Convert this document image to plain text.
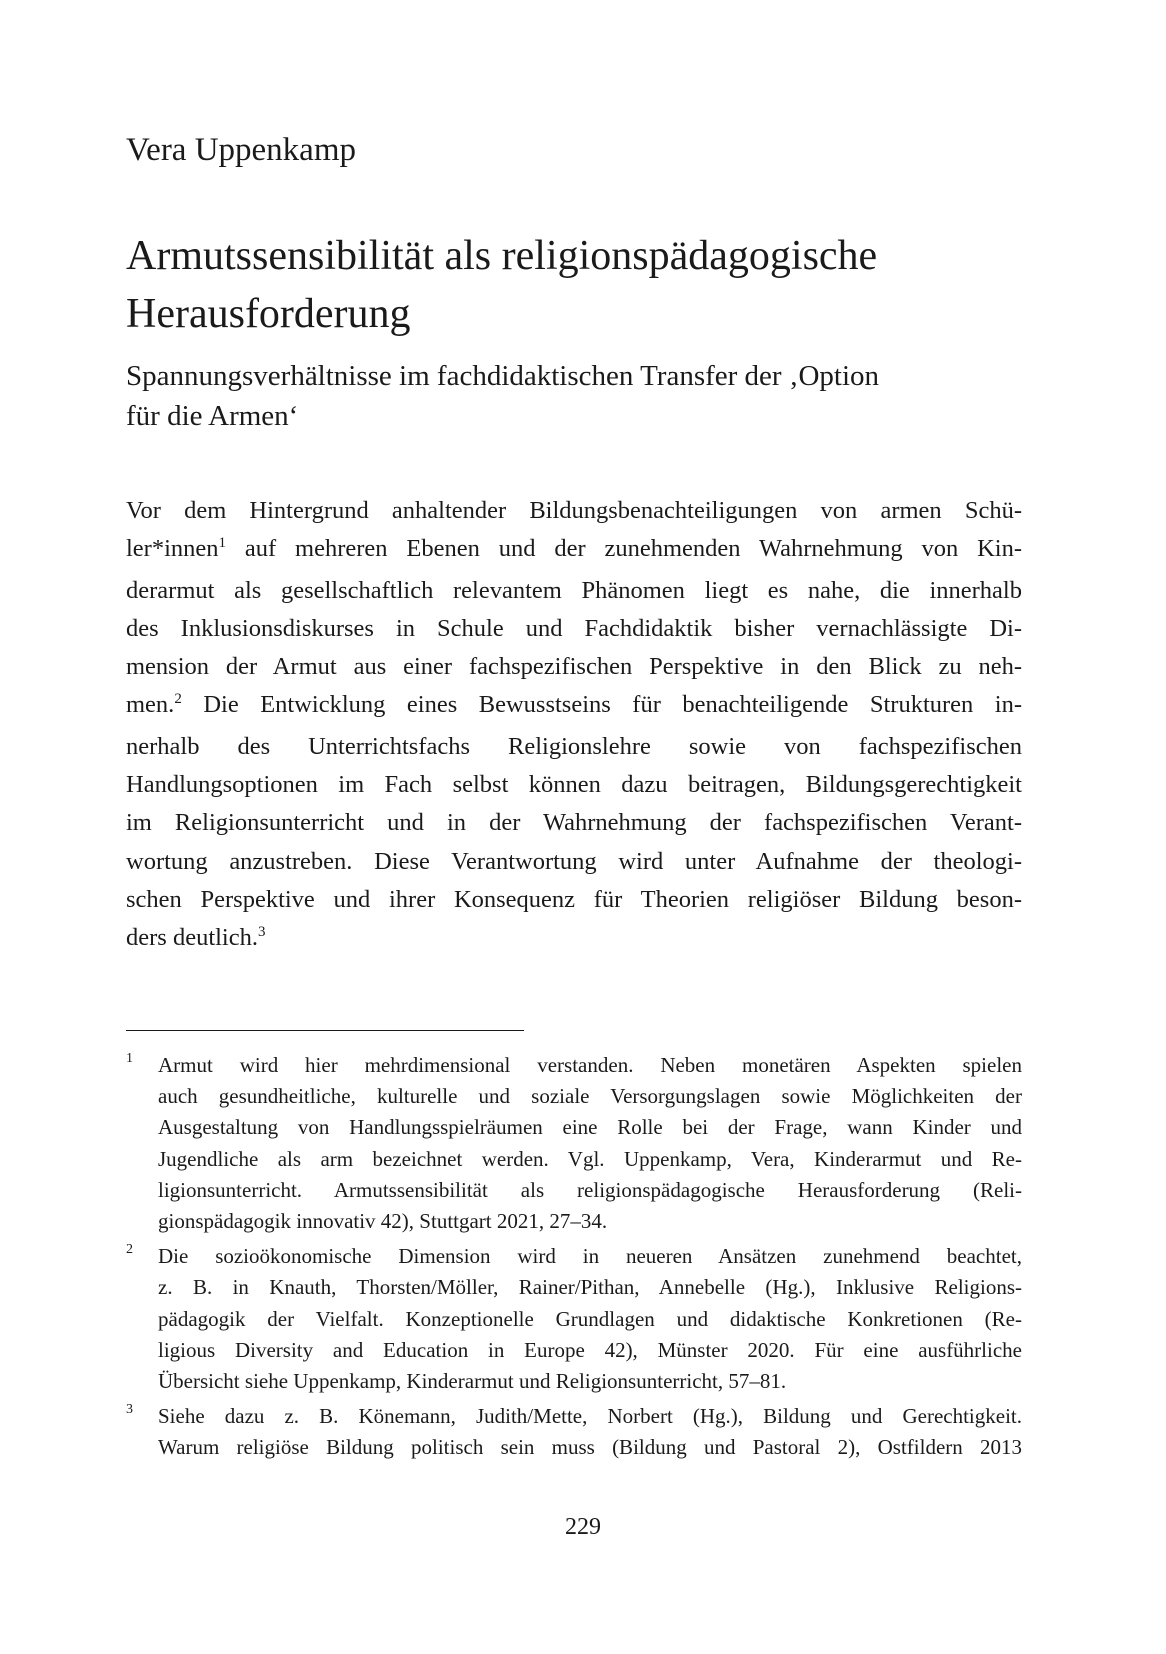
Vera Uppenkamp
Armutssensibilität als religionspädagogische
Herausforderung
Spannungsverhältnisse im fachdidaktischen Transfer der ‚Option
für die Armen‘
Vor dem Hintergrund anhaltender Bildungsbenachteiligungen von armen Schü-
ler*innen$^1$ auf mehreren Ebenen und der zunehmenden Wahrnehmung von Kin-
derarmut als gesellschaftlich relevantem Phänomen liegt es nahe, die innerhalb
des Inklusionsdiskurses in Schule und Fachdidaktik bisher vernachlässigte Di-
mension der Armut aus einer fachspezifischen Perspektive in den Blick zu neh-
men.$^2$ Die Entwicklung eines Bewusstseins für benachteiligende Strukturen in-
nerhalb des Unterrichtsfachs Religionslehre sowie von fachspezifischen
Handlungsoptionen im Fach selbst können dazu beitragen, Bildungsgerechtigkeit
im Religionsunterricht und in der Wahrnehmung der fachspezifischen Verant-
wortung anzustreben. Diese Verantwortung wird unter Aufnahme der theologi-
schen Perspektive und ihrer Konsequenz für Theorien religiöser Bildung beson-
ders deutlich.$^3$
1 Armut wird hier mehrdimensional verstanden. Neben monetären Aspekten spielen
auch gesundheitliche, kulturelle und soziale Versorgungslagen sowie Möglichkeiten der
Ausgestaltung von Handlungsspielräumen eine Rolle bei der Frage, wann Kinder und
Jugendliche als arm bezeichnet werden. Vgl. Uppenkamp, Vera, Kinderarmut und Re-
ligionsunterricht. Armutssensibilität als religionspädagogische Herausforderung (Reli-
gionspädagogik innovativ 42), Stuttgart 2021, 27–34.
2 Die sozioökonomische Dimension wird in neueren Ansätzen zunehmend beachtet,
z. B. in Knauth, Thorsten/Möller, Rainer/Pithan, Annebelle (Hg.), Inklusive Religions-
pädagogik der Vielfalt. Konzeptionelle Grundlagen und didaktische Konkretionen (Re-
ligious Diversity and Education in Europe 42), Münster 2020. Für eine ausführliche
Übersicht siehe Uppenkamp, Kinderarmut und Religionsunterricht, 57–81.
3 Siehe dazu z. B. Könemann, Judith/Mette, Norbert (Hg.), Bildung und Gerechtigkeit.
Warum religiöse Bildung politisch sein muss (Bildung und Pastoral 2), Ostfildern 2013
229
